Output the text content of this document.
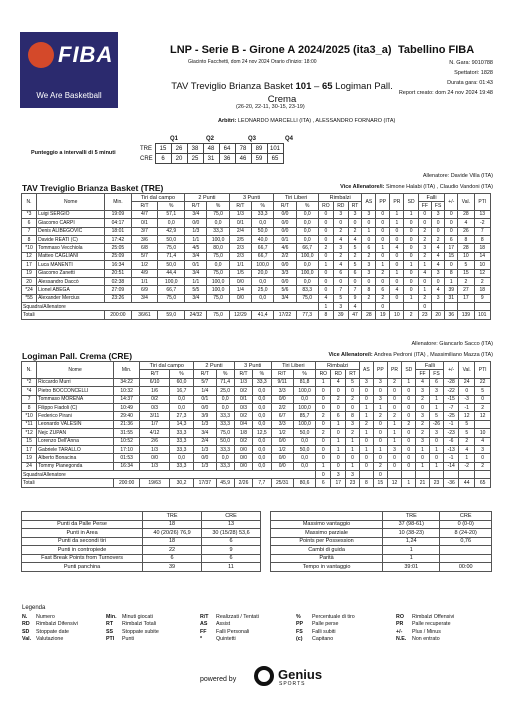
FIBA
We Are Basketball
LNP - Serie B - Girone A 2024/2025 (ita3_a) Tabellino FIBA
Giacinto Facchetti, dom 24 nov 2024 Orario d'inizio: 18:00	N. Gara: 9010788
Spettatori: 1828
Durata gara: 01:43
Report creato: dom 24 nov 2024 19:48
TAV Treviglio Brianza Basket 101 – 65 Logiman Pall. Crema
(26-20, 22-11, 30-15, 23-19)
Arbitri: LEONARDO MARCELLI (ITA) , ALESSANDRO FORNARO (ITA)
Punteggio a intervalli di 5 minuti
Q1	Q2	Q3	Q4
TRE	15	26	38	48	64	78	89	101
CRE	6	20	25	31	36	46	59	65
Allenatore: Davide Villa (ITA)
TAV Treviglio Brianza Basket (TRE)	Vice Allenatore/i: Simone Halabi (ITA) , Claudio Vandoni (ITA)
N.	Nome	Min.	Tiri dal campo		2 Punti		3 Punti		Tiri Liberi		Rimbalzi			AS	PP	PR	SD	Falli		+/-	Val.	PTI
			R/T	%	R/T	%	R/T	%	R/T	%	RO	RD	RT					FF	FS			
*3	Luigi SERGIO	19:09	4/7	57,1	3/4	75,0	1/3	33,3	0/0	0,0	0	3	3	3	0	1	1	0	3	0	28	13
6	Giacomo CARPI	04:17	0/1	0,0	0/0	0,0	0/1	0,0	0/0	0,0	0	0	0	0	0	1	0	0	0	0	4	-2
7	Denis ALIBEGOVIC	18:01	3/7	42,9	1/3	33,3	2/4	50,0	0/0	0,0	0	2	2	1	0	0	0	2	0	0	26	7
8	Davide REATI (C)	17:42	3/6	50,0	1/1	100,0	2/5	40,0	0/1	0,0	0	4	4	0	0	0	0	2	2	6	8	8
*10	Tommaso Vecchiola	25:05	6/8	75,0	4/5	80,0	2/3	66,7	4/6	66,7	2	3	5	6	1	4	0	3	4	17	28	18
12	Matteo CAGLIANI	25:09	5/7	71,4	3/4	75,0	2/3	66,7	2/2	100,0	0	2	2	2	0	0	0	2	4	15	10	14
17	Luca MANENTI	16:34	1/2	50,0	0/1	0,0	1/1	100,0	0/0	0,0	1	4	5	3	1	0	1	1	4	0	5	10
19	Giacomo Zanetti	20:51	4/9	44,4	3/4	75,0	1/5	20,0	3/3	100,0	0	6	6	3	2	1	0	4	3	8	15	12
20	Alessandro Daccò	02:38	1/1	100,0	1/1	100,0	0/0	0,0	0/0	0,0	0	0	0	0	0	0	0	0	0	1	2	2
*24	Lionel ABEGA	27:09	6/9	66,7	5/5	100,0	1/4	25,0	5/6	83,3	0	7	7	8	6	4	0	1	4	39	27	18
*55	Alexander Mercius	23:26	3/4	75,0	3/4	75,0	0/0	0,0	3/4	75,0	4	5	9	2	2	0	1	2	3	31	17	9
Squadra/Allenatore											1	3	4		0			0				
Totali		200:00	36/61	59,0	24/32	75,0	12/29	41,4	17/22	77,3	8	39	47	28	19	10	2	23	20	36	139	101
Allenatore: Giancarlo Sacco (ITA)
Logiman Pall. Crema (CRE)	Vice Allenatore/i: Andrea Pedroni (ITA) , Massimiliano Mazza (ITA)
N.	Nome	Min.	Tiri dal campo		2 Punti		3 Punti		Tiri Liberi		Rimbalzi			AS	PP	PR	SD	Falli		+/-	Val.	PTI
			R/T	%	R/T	%	R/T	%	R/T	%	RO	RD	RT					FF	FS			
*2	Riccardo Murri	34:22	6/10	60,0	5/7	71,4	1/3	33,3	9/11	81,8	1	4	5	3	3	2	1	4	6	-28	24	22
*4	Pietro BOCCONCELLI	10:32	1/6	16,7	1/4	25,0	0/2	0,0	3/3	100,0	0	0	0	0	0	0	0	3	3	-22	0	5
7	Tommaso MORENA	14:37	0/2	0,0	0/1	0,0	0/1	0,0	0/0	0,0	0	2	2	0	3	0	0	2	1	-15	-3	0
8	Filippo Fiadoli (C)	10:49	0/3	0,0	0/0	0,0	0/3	0,0	2/2	100,0	0	0	0	1	1	0	0	0	1	-7	-1	2
*10	Federico Pirani	29:40	3/11	27,3	3/9	33,3	0/2	0,0	6/7	85,7	2	6	8	1	2	2	0	3	5	-25	12	12
*11	Leonardo VALESIN	21:36	1/7	14,3	1/3	33,3	0/4	0,0	3/3	100,0	0	1	3	2	0	1	2	2	-26	-1	5	
*12	Nejc ZUPAN	31:55	4/12	33,3	3/4	75,0	1/8	12,5	1/2	50,0	2	0	2	1	0	1	0	2	3	-23	5	10
15	Lorenzo Dell'Anna	10:52	2/6	33,3	2/4	50,0	0/2	0,0	0/0	0,0	0	1	1	0	0	1	0	3	0	-6	2	4
17	Gabriele TARALLO	17:10	1/3	33,3	1/3	33,3	0/0	0,0	1/2	50,0	0	1	1	1	1	3	0	1	1	-13	4	3
19	Alberto Bonacina	01:53	0/0	0,0	0/0	0,0	0/0	0,0	0/0	0,0	0	0	0	0	0	0	0	0	0	-1	1	0
24	Tommy Pianegonda	16:34	1/3	33,3	1/3	33,3	0/0	0,0	0/0	0,0	1	0	1	0	2	0	0	1	1	-14	-2	2
Squadra/Allenatore											0	3	3		0							
Totali		200:00	19/63	30,2	17/37	45,9	2/26	7,7	25/31	80,6	6	17	23	8	15	12	1	21	23	-36	44	65
	TRE	CRE
Punti da Palle Perse	18	13
Punti in Area	40 (20/26) 76,9	30 (15/28) 53,6
Punti da secondi tiri	18	6
Punti in contropiede	22	9
Fast Break Points from Turnovers	6	6
Punti panchina	39	11
	TRE	CRE
Massimo vantaggio	37 (98-61)	0 (0-0)
Massimo parziale	10 (38-23)	8 (24-20)
Points per Possession	1,24	0,76
Cambi di guida	1	
Parità	1	
Tempo in vantaggio	39:01	00:00
Legenda
N.	Numero	Min.	Minuti giocati	R/T	Realizzati / Tentati	%	Percentuale di tiro	RO	Rimbalzi Offensivi
RD	Rimbalzi Difensivi	RT	Rimbalzi Totali	AS	Assist	PP	Palle perse	PR	Palle recuperate
SD	Stoppate date	SS	Stoppate subite	FF	Falli Personali	FS	Falli subiti	+/-	Plus / Minus
Val. Valutazione	PTI	Punti	*	Quintetti	(c)	Capitano	N.E.	Non entrato
powered by	Genius
SPORTS
